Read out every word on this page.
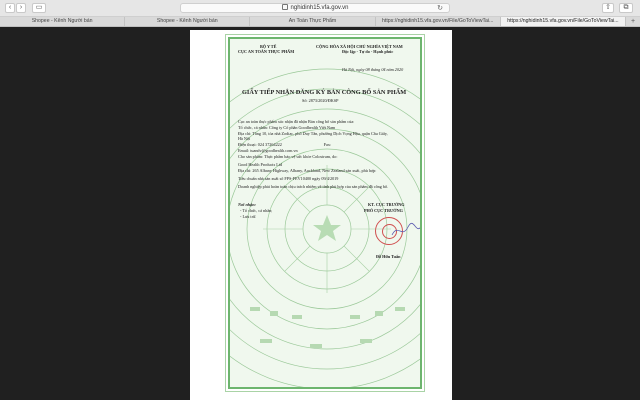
‹	›	▭	nghidinh15.vfa.gov.vn	↻	⇧	⧉
Shopee - Kênh Người bán	Shopee - Kênh Người bán	An Toàn Thực Phẩm	https://nghidinh15.vfa.gov.vn/File/GoToViewTai...	https://nghidinh15.vfa.gov.vn/File/GoToViewTai...	+
BỘ Y TẾ
CỤC AN TOÀN THỰC PHẨM
CỘNG HÒA XÃ HỘI CHỦ NGHĨA VIỆT NAM
Độc lập - Tự do - Hạnh phúc
Hà Nội, ngày 08 tháng 04 năm 2020
GIẤY TIẾP NHẬN ĐĂNG KÝ BẢN CÔNG BỐ SẢN PHẨM
Số: 2873/2020/ĐKSP
Cục an toàn thực phẩm xác nhận đã nhận Bản công bố sản phẩm của:
Tổ chức, cá nhân: Công ty Cổ phần Goodhealth Việt Nam
Địa chỉ: Tầng 10, tòa nhà Zodiac, phố Duy Tân, phường Dịch Vọng Hậu, quận Cầu Giấy,
Hà Nội
Điện thoại: 024 37264222                                        Fax:
Email: tuandv@goodhealth.com.vn
Cho sản phẩm: Thực phẩm bảo vệ sức khỏe Colostrum, do:
Good Health Products Ltd
Địa chỉ: 265 Albany Highway, Albany, Auckland, New Zealand sản xuất, phù hợp:
Tiêu chuẩn nhà sản xuất số FPS-FEV10400 ngày 09/4/2019
Doanh nghiệp phải hoàn toàn chịu trách nhiệm về tính phù hợp của sản phẩm đã công bố.
Nơi nhận:
- Tổ chức, cá nhân;
- Lưu trữ.
KT. CỤC TRƯỞNG
PHÓ CỤC TRƯỞNG
Đỗ Hữu Tuấn
